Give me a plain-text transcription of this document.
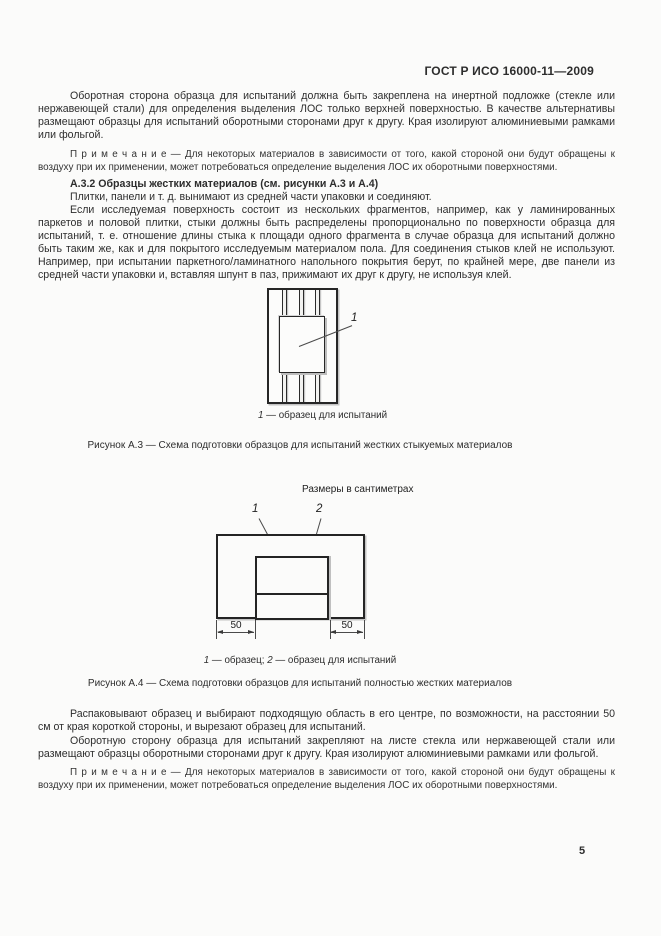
ГОСТ Р ИСО 16000-11—2009

Оборотная сторона образца для испытаний должна быть закреплена на инертной подложке (стекле или нержавеющей стали) для определения выделения ЛОС только верхней поверхностью. В качестве альтернативы размещают образцы для испытаний оборотными сторонами друг к другу. Края изолируют алюминиевыми рамками или фольгой.

П р и м е ч а н и е — Для некоторых материалов в зависимости от того, какой стороной они будут обращены к воздуху при их применении, может потребоваться определение выделения ЛОС их оборотными поверхностями.

А.3.2 Образцы жестких материалов (см. рисунки А.3 и А.4)

Плитки, панели и т. д. вынимают из средней части упаковки и соединяют.

Если исследуемая поверхность состоит из нескольких фрагментов, например, как у ламинированных паркетов и половой плитки, стыки должны быть распределены пропорционально по поверхности образца для испытаний, т. е. отношение длины стыка к площади одного фрагмента в случае образца для испытаний должно быть таким же, как и для покрытого исследуемым материалом пола. Для соединения стыков клей не используют. Например, при испытании паркетного/ламинатного напольного покрытия берут, по крайней мере, две панели из средней части упаковки и, вставляя шпунт в паз, прижимают их друг к другу, не используя клей.

1
1 — образец для испытаний
Рисунок А.3 — Схема подготовки образцов для испытаний жестких стыкуемых материалов
Размеры в сантиметрах
1	2
50	50
1 — образец; 2 — образец для испытаний
Рисунок А.4 — Схема подготовки образцов для испытаний полностью жестких материалов

Распаковывают образец и выбирают подходящую область в его центре, по возможности, на расстоянии 50 см от края короткой стороны, и вырезают образец для испытаний.

Оборотную сторону образца для испытаний закрепляют на листе стекла или нержавеющей стали или размещают образцы оборотными сторонами друг к другу. Края изолируют алюминиевыми рамками или фольгой.

П р и м е ч а н и е — Для некоторых материалов в зависимости от того, какой стороной они будут обращены к воздуху при их применении, может потребоваться определение выделения ЛОС их оборотными поверхностями.

5
